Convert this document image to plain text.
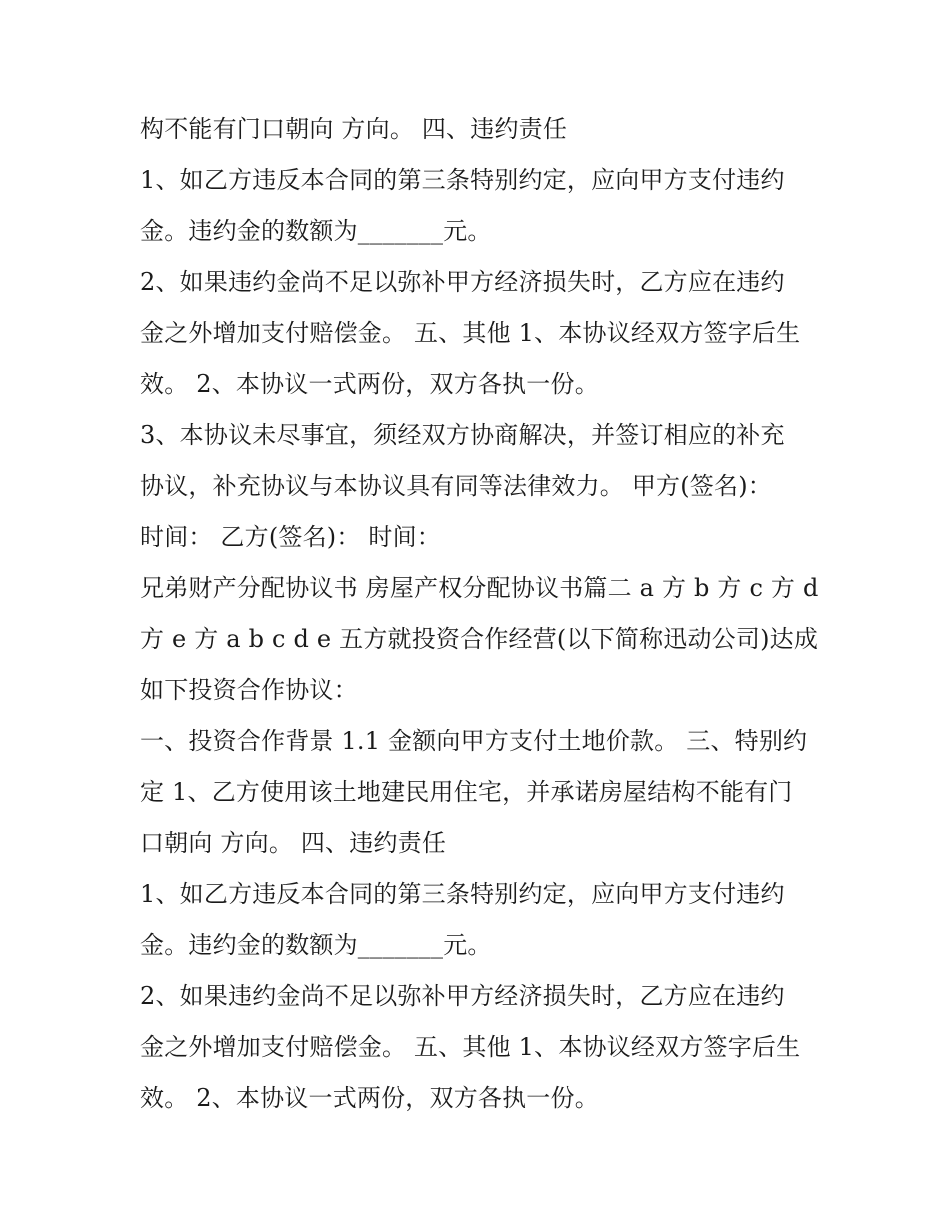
构不能有门口朝向 方向。 四、违约责任
1、如乙方违反本合同的第三条特别约定，应向甲方支付违约
金。违约金的数额为_______元。
2、如果违约金尚不足以弥补甲方经济损失时，乙方应在违约
金之外增加支付赔偿金。 五、其他 1、本协议经双方签字后生
效。 2、本协议一式两份，双方各执一份。
3、本协议未尽事宜，须经双方协商解决，并签订相应的补充
协议，补充协议与本协议具有同等法律效力。 甲方(签名)：
时间： 乙方(签名)： 时间：
兄弟财产分配协议书 房屋产权分配协议书篇二 a 方 b 方 c 方 d
方 e 方 a b c d e 五方就投资合作经营(以下简称迅动公司)达成
如下投资合作协议：
一、投资合作背景 1.1 金额向甲方支付土地价款。 三、特别约
定 1、乙方使用该土地建民用住宅，并承诺房屋结构不能有门
口朝向 方向。 四、违约责任
1、如乙方违反本合同的第三条特别约定，应向甲方支付违约
金。违约金的数额为_______元。
2、如果违约金尚不足以弥补甲方经济损失时，乙方应在违约
金之外增加支付赔偿金。 五、其他 1、本协议经双方签字后生
效。 2、本协议一式两份，双方各执一份。
